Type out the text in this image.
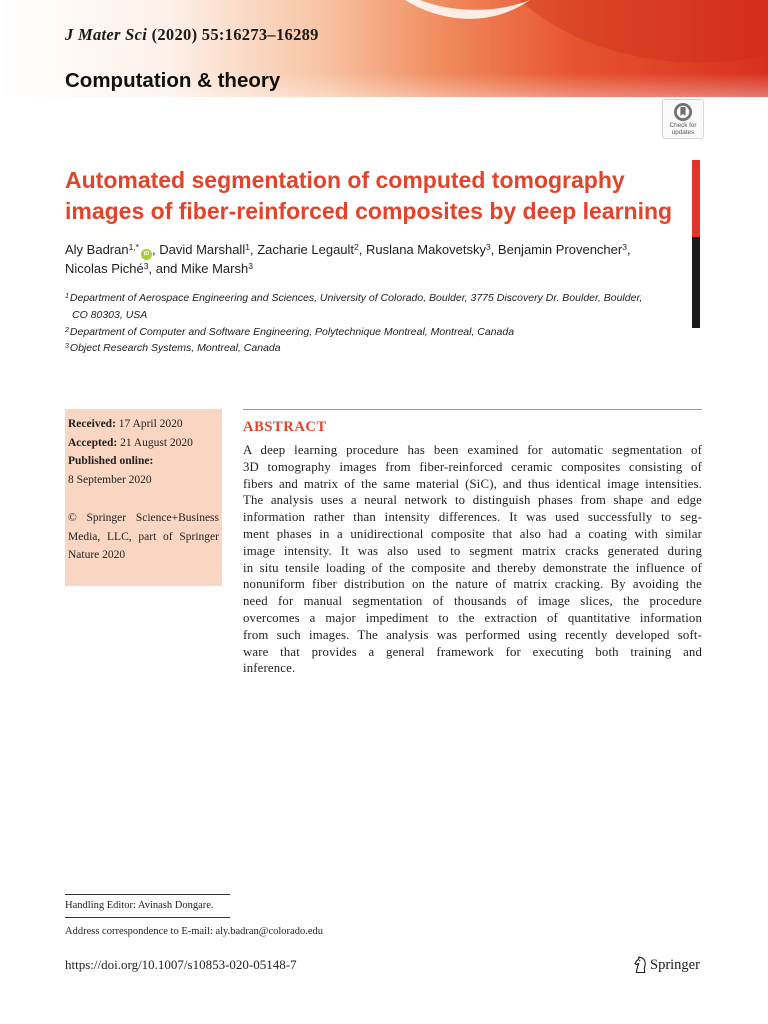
J Mater Sci (2020) 55:16273–16289
Computation & theory
Check for
updates
Automated segmentation of computed tomography
images of fiber-reinforced composites by deep learning
Aly Badran$^{1,*}$iD , David Marshall$^1$, Zacharie Legault$^2$, Ruslana Makovetsky$^3$, Benjamin Provencher$^3$,
Nicolas Piché$^3$, and Mike Marsh$^3$
$^1$Department of Aerospace Engineering and Sciences, University of Colorado, Boulder, 3775 Discovery Dr. Boulder, Boulder,
CO 80303, USA
$^2$Department of Computer and Software Engineering, Polytechnique Montreal, Montreal, Canada
$^3$Object Research Systems, Montreal, Canada
Received: 17 April 2020
Accepted: 21 August 2020
Published online:
8 September 2020
© Springer Science+Business
Media, LLC, part of Springer
Nature 2020
ABSTRACT
A deep learning procedure has been examined for automatic segmentation of
3D tomography images from fiber-reinforced ceramic composites consisting of
fibers and matrix of the same material (SiC), and thus identical image intensities.
The analysis uses a neural network to distinguish phases from shape and edge
information rather than intensity differences. It was used successfully to seg-
ment phases in a unidirectional composite that also had a coating with similar
image intensity. It was also used to segment matrix cracks generated during
in situ tensile loading of the composite and thereby demonstrate the influence of
nonuniform fiber distribution on the nature of matrix cracking. By avoiding the
need for manual segmentation of thousands of image slices, the procedure
overcomes a major impediment to the extraction of quantitative information
from such images. The analysis was performed using recently developed soft-
ware that provides a general framework for executing both training and
inference.
Handling Editor: Avinash Dongare.
Address correspondence to E-mail: aly.badran@colorado.edu
https://doi.org/10.1007/s10853-020-05148-7	Springer
